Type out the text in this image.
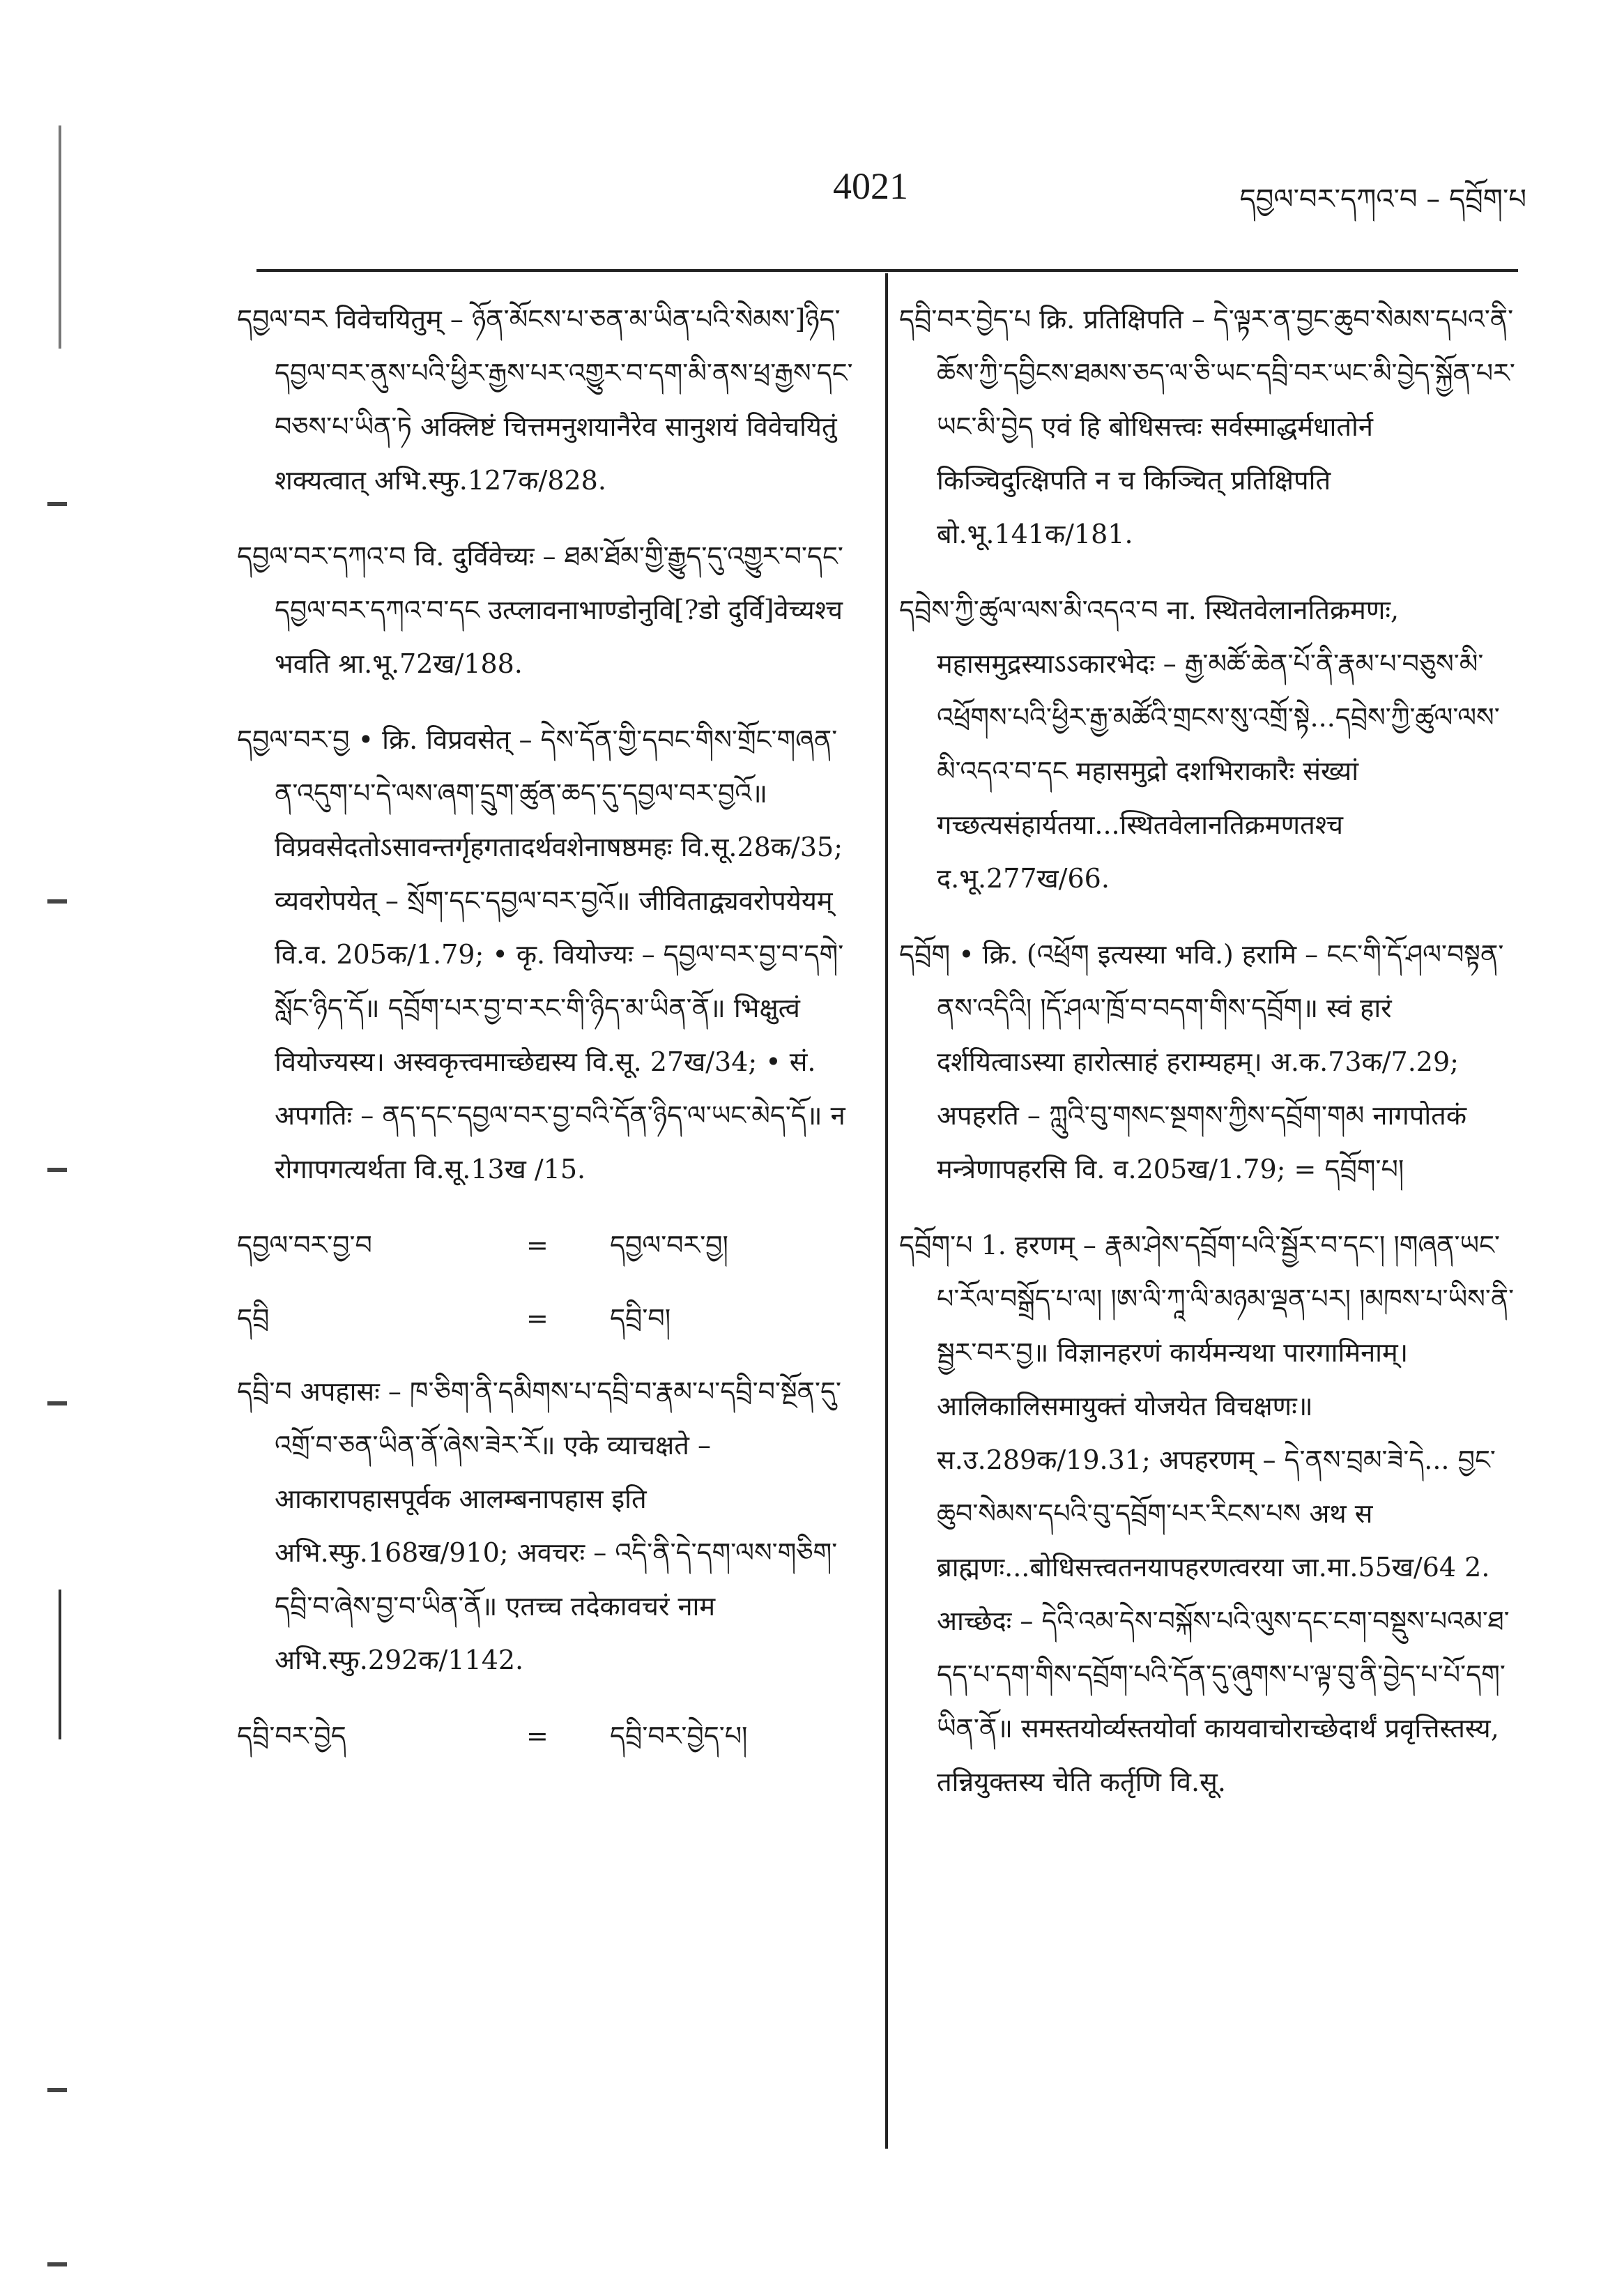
4021	དབྱལ་བར་དཀའ་བ – དབྲོག་པ

དབྱལ་བར विवेचयितुम् – ཉོན་མོངས་པ་ཅན་མ་ཡིན་པའི་སེམས་]ཉིད་དབྱལ་བར་ནུས་པའི་ཕྱིར་རྒྱས་པར་འགྱུར་བ་དག་མི་ནས་ཕྲ་རྒྱས་དང་བཅས་པ་ཡིན་ཏེ अक्लिष्टं चित्तमनुशयानैरेव सानुशयं विवेचयितुं शक्यत्वात् अभि.स्फु.127क/828.

དབྱལ་བར་དཀའ་བ वि. दुर्विवेच्यः – ཐམ་ཐོམ་གྱི་རྒྱུད་དུ་འགྱུར་བ་དང་དབྱལ་བར་དཀའ་བ་དང उत्प्लावनाभाण्डोनुवि[?डो दुर्वि]वेच्यश्च भवति श्रा.भू.72ख/188.

དབྱལ་བར་བྱ • क्रि. विप्रवसेत् – དེས་དོན་གྱི་དབང་གིས་གྲོང་གཞན་ན་འདུག་པ་དེ་ལས་ཞག་དྲུག་ཚུན་ཆད་དུ་དབྱལ་བར་བྱའོ॥ विप्रवसेदतोऽसावन्तर्गृहगतादर्थवशेनाषष्ठमहः वि.सू.28क/35; व्यवरोपयेत् – སྲོག་དང་དབྱལ་བར་བྱའོ॥ जीविताद्व्यवरोपयेयम् वि.व. 205क/1.79; • कृ. वियोज्यः – དབྱལ་བར་བྱ་བ་དགེ་སློང་ཉིད་དོ॥ དབྲོག་པར་བྱ་བ་རང་གི་ཉིད་མ་ཡིན་ནོ॥ भिक्षुत्वं वियोज्यस्य। अस्वकृत्त्वमाच्छेद्यस्य वि.सू. 27ख/34; • सं. अपगतिः – ནད་དང་དབྱལ་བར་བྱ་བའི་དོན་ཉིད་ལ་ཡང་མེད་དོ॥ न रोगापगत्यर्थता वि.सू.13ख /15.

དབྱལ་བར་བྱ་བ	=	དབྱལ་བར་བྱ།
དབྲི	=	དབྲི་བ།

དབྲི་བ अपहासः – ཁ་ཅིག་ནི་དམིགས་པ་དབྲི་བ་རྣམ་པ་དབྲི་བ་སྔོན་དུ་འགྲོ་བ་ཅན་ཡིན་ནོ་ཞེས་ཟེར་རོ॥ एके व्याचक्षते – आकारापहासपूर्वक आलम्बनापहास इति अभि.स्फु.168ख/910; अवचरः – འདི་ནི་དེ་དག་ལས་གཅིག་དབྲི་བ་ཞེས་བྱ་བ་ཡིན་ནོ॥ एतच्च तदेकावचरं नाम अभि.स्फु.292क/1142.

དབྲི་བར་བྱེད	=	དབྲི་བར་བྱེད་པ།

དབྲི་བར་བྱེད་པ क्रि. प्रतिक्षिपति – དེ་ལྟར་ན་བྱང་ཆུབ་སེམས་དཔའ་ནི་ཆོས་ཀྱི་དབྱིངས་ཐམས་ཅད་ལ་ཅི་ཡང་དབྲི་བར་ཡང་མི་བྱེད་སྐྱོན་པར་ཡང་མི་བྱེད एवं हि बोधिसत्त्वः सर्वस्माद्धर्मधातोर्न किञ्चिदुत्क्षिपति न च किञ्चित् प्रतिक्षिपति बो.भू.141क/181.

དབྲེས་ཀྱི་ཚུལ་ལས་མི་འདའ་བ ना. स्थितवेलानतिक्रमणः, महासमुद्रस्याऽऽकारभेदः – རྒྱ་མཚོ་ཆེན་པོ་ནི་རྣམ་པ་བཅུས་མི་འཕྲོགས་པའི་ཕྱིར་རྒྱ་མཚོའི་གྲངས་སུ་འགྲོ་སྟེ...དབྲེས་ཀྱི་ཚུལ་ལས་མི་འདའ་བ་དང महासमुद्रो दशभिराकारैः संख्यां गच्छत्यसंहार्यतया...स्थितवेलानतिक्रमणतश्च द.भू.277ख/66.

དབྲོག • क्रि. (འཕྲོག इत्यस्या भवि.) हरामि – ངང་གི་དོ་ཤལ་བསྟན་ནས་འདིའི། །དོ་ཤལ་ཁྲོ་བ་བདག་གིས་དབྲོག॥ स्वं हारं दर्शयित्वाऽस्या हारोत्साहं हराम्यहम्। अ.क.73क/7.29; अपहरति – ཀླུའི་བུ་གསང་སྔགས་ཀྱིས་དབྲོག་གམ नागपोतकं मन्त्रेणापहरसि वि. व.205ख/1.79; = དབྲོག་པ།

དབྲོག་པ 1. हरणम् – རྣམ་ཤེས་དབྲོག་པའི་སྦྱོར་བ་དང་། །གཞན་ཡང་པ་རོལ་བསྒྲོད་པ་ལ། །ཨ་ལི་ཀཱ་ལི་མཉམ་ལྡན་པར། །མཁས་པ་ཡིས་ནི་སྦྱར་བར་བྱ॥ विज्ञानहरणं कार्यमन्यथा पारगामिनाम्। आलिकालिसमायुक्तं योजयेत विचक्षणः॥ स.उ.289क/19.31; अपहरणम् – དེ་ནས་བྲམ་ཟེ་དེ... བྱང་ཆུབ་སེམས་དཔའི་བུ་དབྲོག་པར་རིངས་པས अथ स ब्राह्मणः...बोधिसत्त्वतनयापहरणत्वरया जा.मा.55ख/64 2. आच्छेदः – དེའི་འམ་དེས་བསྐོས་པའི་ལུས་དང་ངག་བསྡུས་པའམ་ཐ་དད་པ་དག་གིས་དབྲོག་པའི་དོན་དུ་ཞུགས་པ་ལྟ་བུ་ནི་བྱེད་པ་པོ་དག་ཡིན་ནོ॥ समस्तयोर्व्यस्तयोर्वा कायवाचोराच्छेदार्थं प्रवृत्तिस्तस्य, तन्नियुक्तस्य चेति कर्तृणि वि.सू.
